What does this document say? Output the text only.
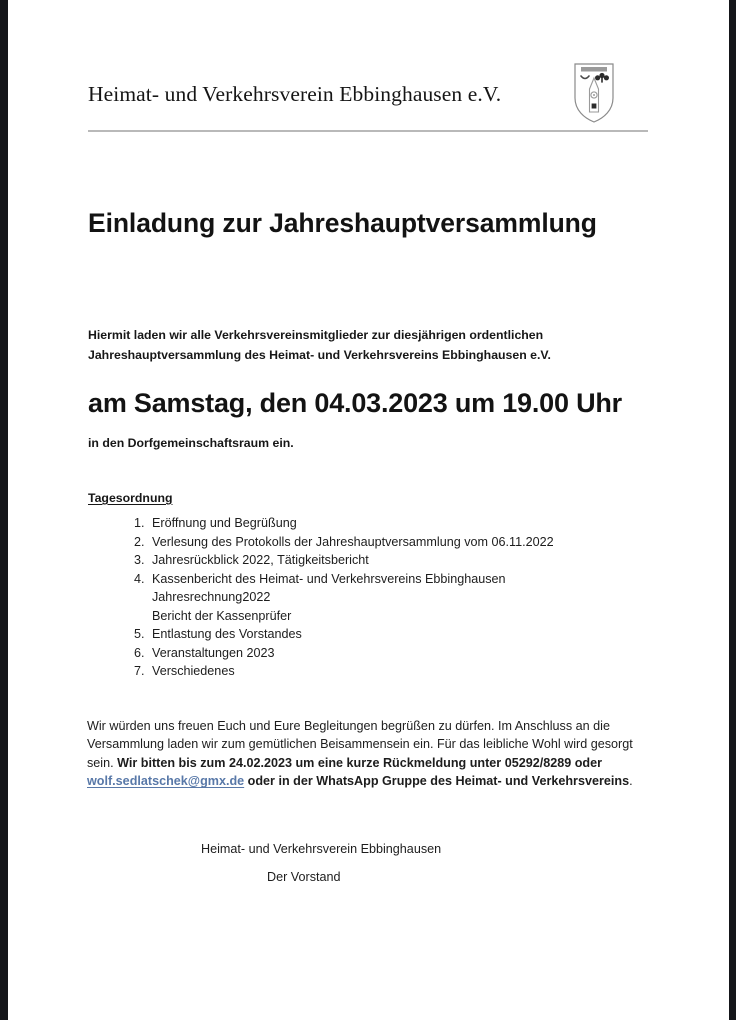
Heimat- und Verkehrsverein Ebbinghausen e.V.
Einladung zur Jahreshauptversammlung

Hiermit laden wir alle Verkehrsvereinsmitglieder zur diesjährigen ordentlichen Jahreshauptversammlung des Heimat- und Verkehrsvereins Ebbinghausen e.V.

am Samstag, den 04.03.2023 um 19.00 Uhr
in den Dorfgemeinschaftsraum ein.
Tagesordnung
1. Eröffnung und Begrüßung
2. Verlesung des Protokolls der Jahreshauptversammlung vom 06.11.2022
3. Jahresrückblick 2022, Tätigkeitsbericht
4. Kassenbericht des Heimat- und Verkehrsvereins Ebbinghausen
Jahresrechnung2022
Bericht der Kassenprüfer
5. Entlastung des Vorstandes
6. Veranstaltungen 2023
7. Verschiedenes

Wir würden uns freuen Euch und Eure Begleitungen begrüßen zu dürfen. Im Anschluss an die Versammlung laden wir zum gemütlichen Beisammensein ein. Für das leibliche Wohl wird gesorgt sein. Wir bitten bis zum 24.02.2023 um eine kurze Rückmeldung unter 05292/8289 oder wolf.sedlatschek@gmx.de oder in der WhatsApp Gruppe des Heimat- und Verkehrsvereins.

Heimat- und Verkehrsverein Ebbinghausen
Der Vorstand
